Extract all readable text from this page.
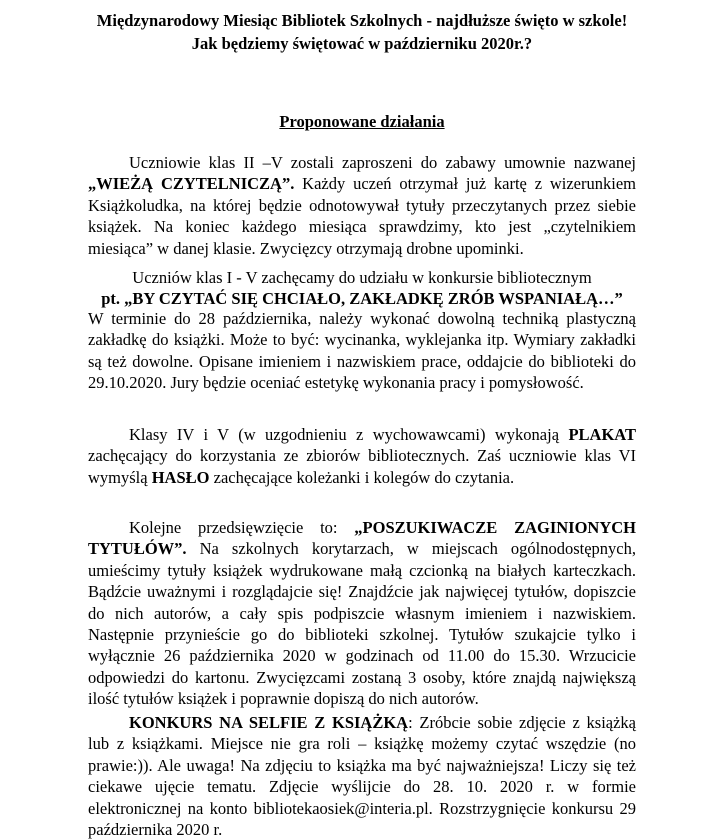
Międzynarodowy Miesiąc Bibliotek Szkolnych - najdłuższe święto w szkole!
Jak będziemy świętować w październiku 2020r.?
Proponowane działania

Uczniowie klas II –V zostali zaproszeni do zabawy umownie nazwanej „WIEŻĄ CZYTELNICZĄ”. Każdy uczeń otrzymał już kartę z wizerunkiem Książkoludka, na której będzie odnotowywał tytuły przeczytanych przez siebie książek. Na koniec każdego miesiąca sprawdzimy, kto jest „czytelnikiem miesiąca” w danej klasie. Zwycięzcy otrzymają drobne upominki.

Uczniów klas I - V zachęcamy do udziału w konkursie bibliotecznym
pt. „BY CZYTAĆ SIĘ CHCIAŁO, ZAKŁADKĘ ZRÓB WSPANIAŁĄ…”

W terminie do 28 października, należy wykonać dowolną techniką plastyczną zakładkę do książki. Może to być: wycinanka, wyklejanka itp. Wymiary zakładki są też dowolne. Opisane imieniem i nazwiskiem prace, oddajcie do biblioteki do 29.10.2020. Jury będzie oceniać estetykę wykonania pracy i pomysłowość.

Klasy IV i V (w uzgodnieniu z wychowawcami) wykonają PLAKAT zachęcający do korzystania ze zbiorów bibliotecznych. Zaś uczniowie klas VI wymyślą HASŁO zachęcające koleżanki i kolegów do czytania.

Kolejne przedsięwzięcie to: „POSZUKIWACZE ZAGINIONYCH TYTUŁÓW”. Na szkolnych korytarzach, w miejscach ogólnodostępnych, umieścimy tytuły książek wydrukowane małą czcionką na białych karteczkach. Bądźcie uważnymi i rozglądajcie się! Znajdźcie jak najwięcej tytułów, dopiszcie do nich autorów, a cały spis podpiszcie własnym imieniem i nazwiskiem. Następnie przynieście go do biblioteki szkolnej. Tytułów szukajcie tylko i wyłącznie 26 października 2020 w godzinach od 11.00 do 15.30. Wrzucicie odpowiedzi do kartonu. Zwycięzcami zostaną 3 osoby, które znajdą największą ilość tytułów książek i poprawnie dopiszą do nich autorów.

KONKURS NA SELFIE Z KSIĄŻKĄ: Zróbcie sobie zdjęcie z książką lub z książkami. Miejsce nie gra roli – książkę możemy czytać wszędzie (no prawie:)). Ale uwaga! Na zdjęciu to książka ma być najważniejsza! Liczy się też ciekawe ujęcie tematu. Zdjęcie wyślijcie do 28. 10. 2020 r. w formie elektronicznej na konto bibliotekaosiek@interia.pl. Rozstrzygnięcie konkursu 29 października 2020 r.
